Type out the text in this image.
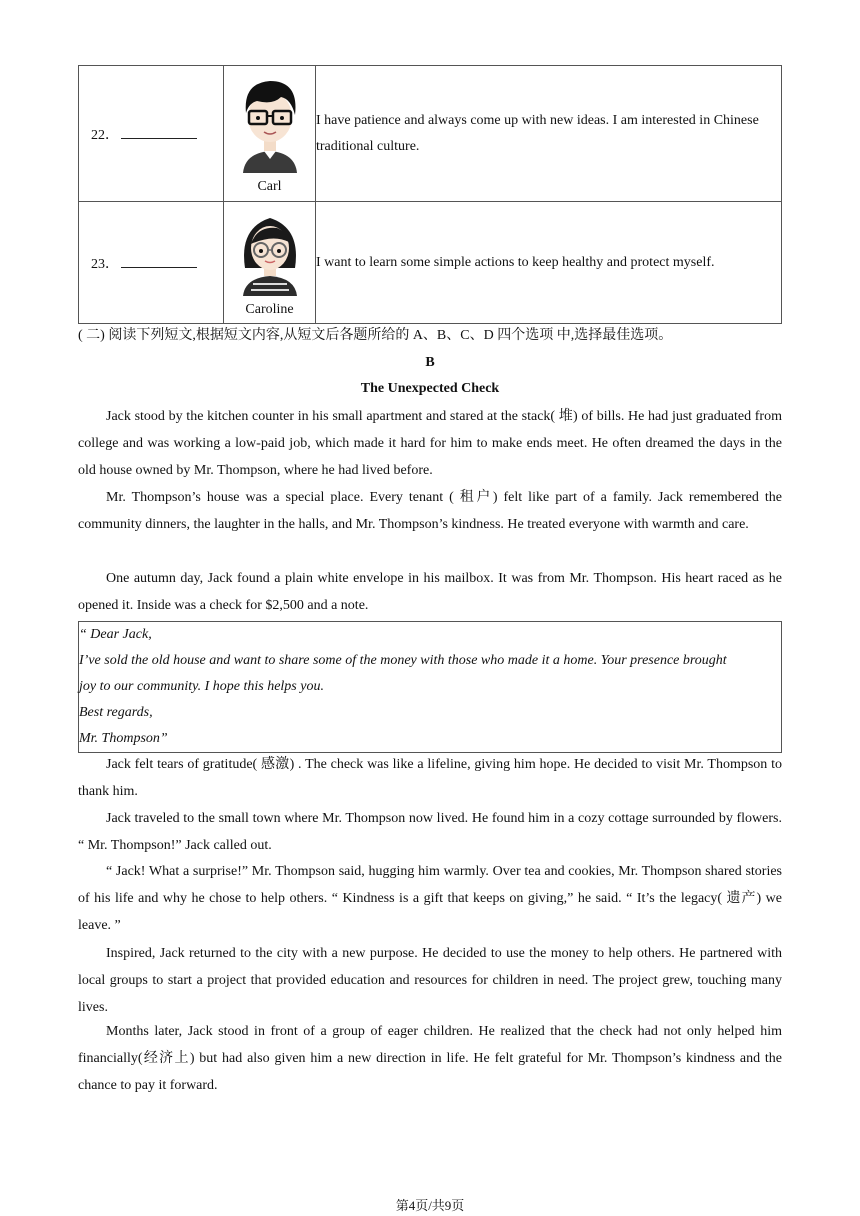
22．	Carl	I have patience and always come up with new ideas. I am interested in Chinese traditional culture.
23．	Caroline	I want to learn some simple actions to keep healthy and protect myself.
( 二) 阅读下列短文,根据短文内容,从短文后各题所给的 A、B、C、D 四个选项 中,选择最佳选项。
B
The Unexpected Check

Jack stood by the kitchen counter in his small apartment and stared at the stack( 堆) of bills. He had just graduated from college and was working a low-paid job, which made it hard for him to make ends meet. He often dreamed the days in the old house owned by Mr. Thompson, where he had lived before.

Mr. Thompson’s house was a special place. Every tenant ( 租户) felt like part of a family. Jack remembered the community dinners, the laughter in the halls, and Mr. Thompson’s kindness. He treated everyone with warmth and care.

One autumn day, Jack found a plain white envelope in his mailbox. It was from Mr. Thompson. His heart raced as he opened it. Inside was a check for $2,500 and a note.

“ Dear Jack,
I’ve sold the old house and want to share some of the money with those who made it a home. Your presence brought
joy to our community. I hope this helps you.
Best regards,
Mr. Thompson”

Jack felt tears of gratitude( 感激) . The check was like a lifeline, giving him hope. He decided to visit Mr. Thompson to thank him.

Jack traveled to the small town where Mr. Thompson now lived. He found him in a cozy cottage surrounded by flowers. “ Mr. Thompson!” Jack called out.

“ Jack! What a surprise!” Mr. Thompson said, hugging him warmly. Over tea and cookies, Mr. Thompson shared stories of his life and why he chose to help others. “ Kindness is a gift that keeps on giving,” he said. “ It’s the legacy( 遗产) we leave. ”

Inspired, Jack returned to the city with a new purpose. He decided to use the money to help others. He partnered with local groups to start a project that provided education and resources for children in need. The project grew, touching many lives.

Months later, Jack stood in front of a group of eager children. He realized that the check had not only helped him financially(经济上) but had also given him a new direction in life. He felt grateful for Mr. Thompson’s kindness and the chance to pay it forward.

第4页/共9页
